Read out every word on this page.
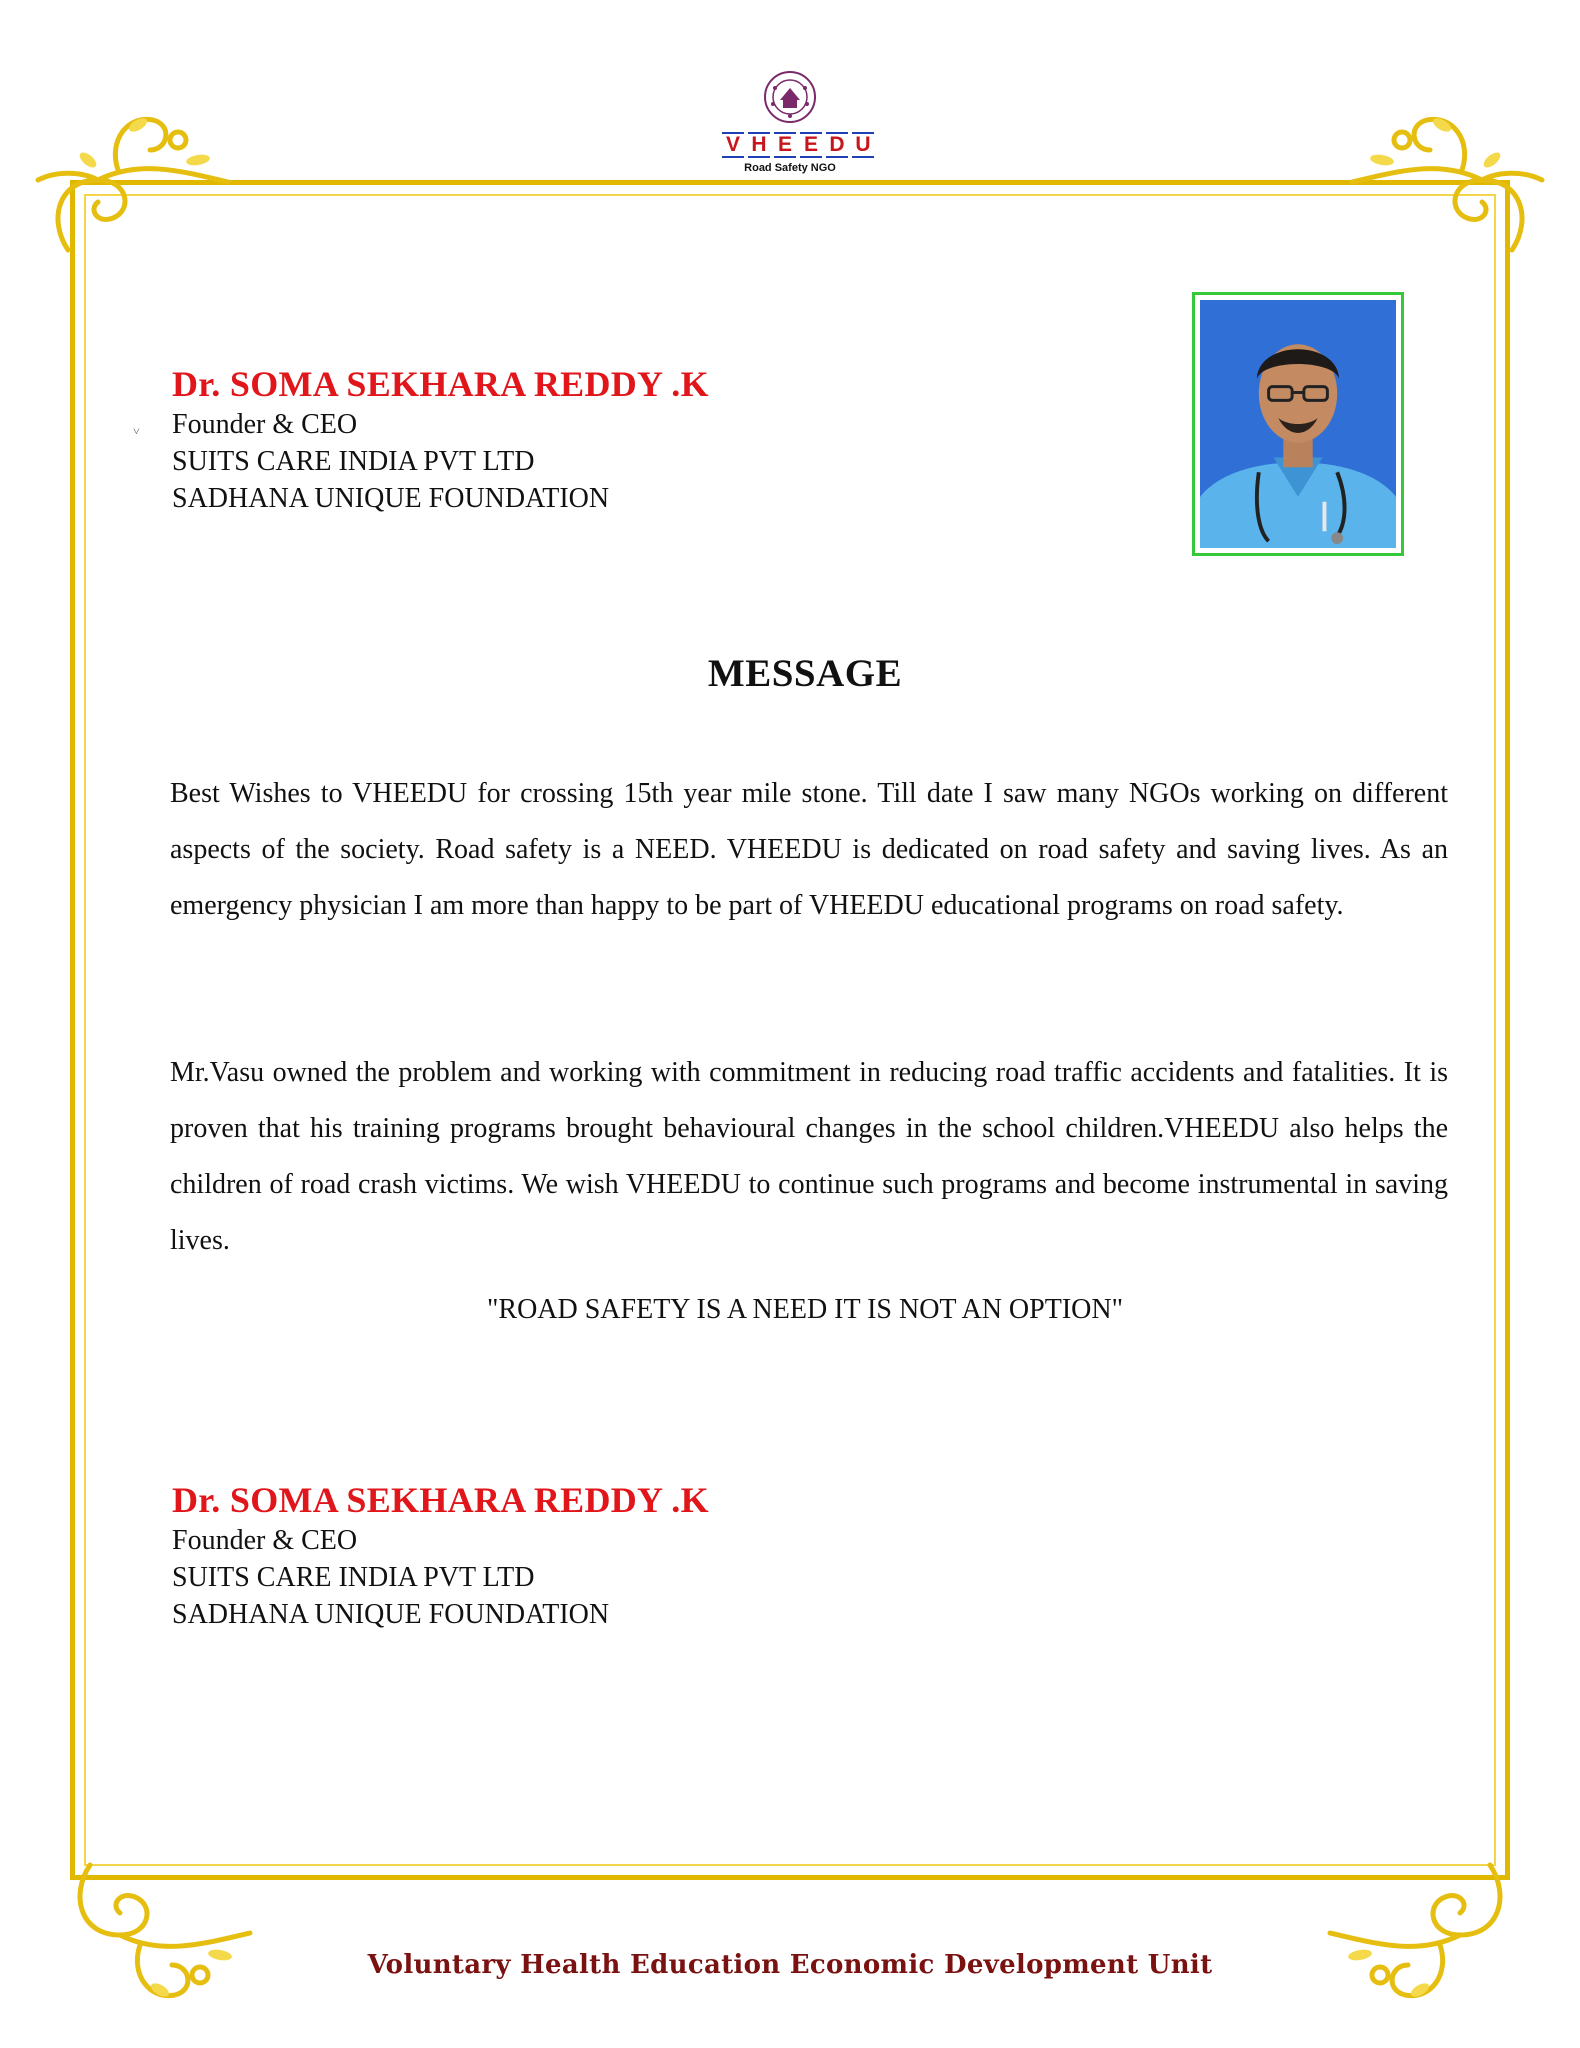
V H E E D U
Road Safety NGO
Dr. SOMA SEKHARA REDDY .K
Founder & CEO
SUITS CARE INDIA PVT LTD
SADHANA UNIQUE FOUNDATION
˅
MESSAGE
Best Wishes to VHEEDU for crossing 15th year mile stone. Till date I saw many NGOs working on different aspects of the society. Road safety is a NEED. VHEEDU is dedicated on road safety and saving lives. As an emergency physician I am more than happy to be part of VHEEDU educational programs on road safety.
Mr.Vasu owned the problem and working with commitment in reducing road traffic accidents and fatalities. It is proven that his training programs brought behavioural changes in the school children.VHEEDU also helps the children of road crash victims. We wish VHEEDU to continue such programs and become instrumental in saving lives.
"ROAD SAFETY IS A NEED IT IS NOT AN OPTION"
Dr. SOMA SEKHARA REDDY .K
Founder & CEO
SUITS CARE INDIA PVT LTD
SADHANA UNIQUE FOUNDATION
Voluntary Health Education Economic Development Unit
